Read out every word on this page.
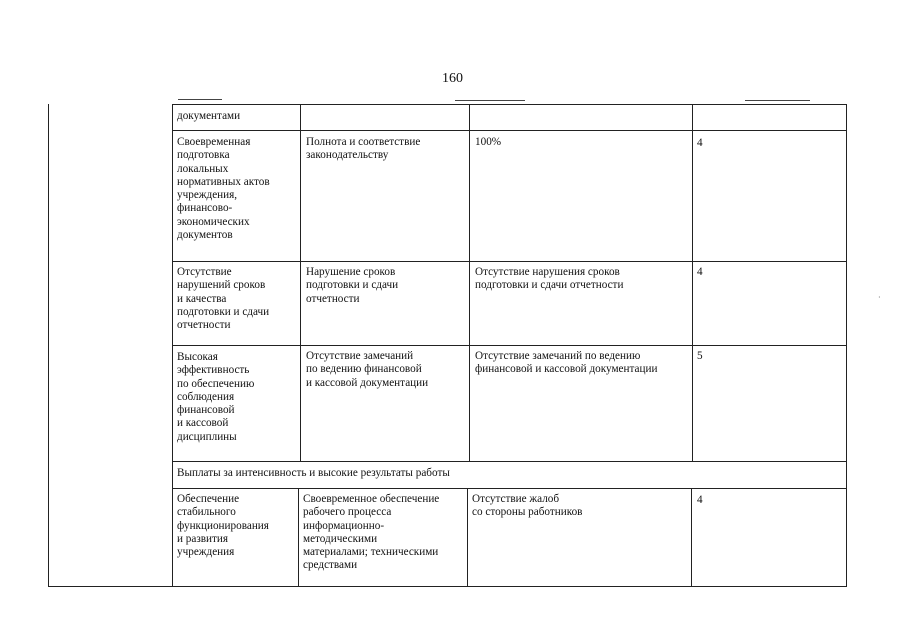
160
документами
Своевременная
подготовка
локальных
нормативных актов
учреждения,
финансово-
экономических
документов
Полнота и соответствие
законодательству
100%	4
Отсутствие
нарушений сроков
и качества
подготовки и сдачи
отчетности
Нарушение сроков
подготовки и сдачи
отчетности
Отсутствие нарушения сроков
подготовки и сдачи отчетности
4
Высокая
эффективность
по обеспечению
соблюдения
финансовой
и кассовой
дисциплины
Отсутствие замечаний
по ведению финансовой
и кассовой документации
Отсутствие замечаний по ведению
финансовой и кассовой документации
5
Выплаты за интенсивность и высокие результаты работы
Обеспечение
стабильного
функционирования
и развития
учреждения
Своевременное обеспечение
рабочего процесса
информационно-
методическими
материалами; техническими
средствами
Отсутствие жалоб
со стороны работников
4
·
